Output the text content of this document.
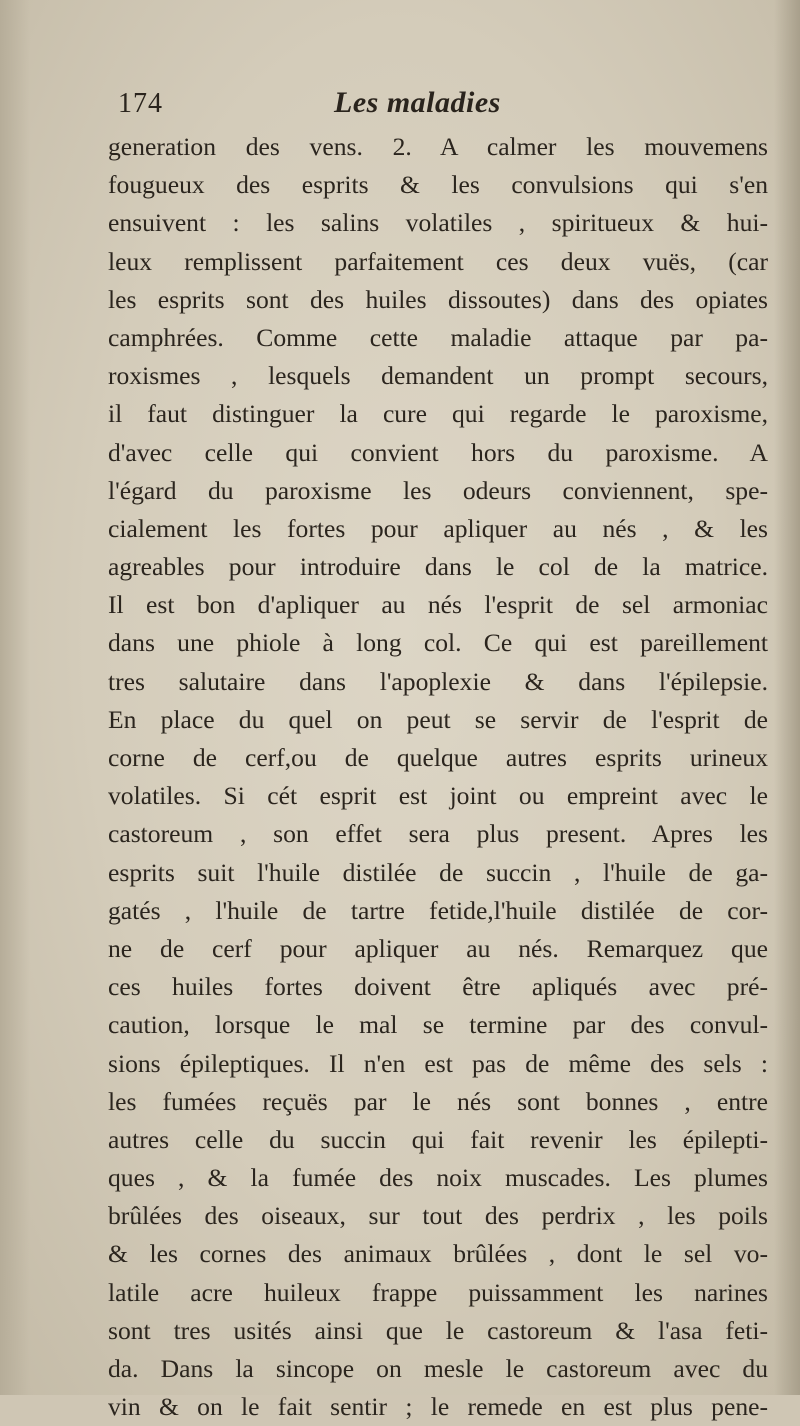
174	Les maladies
generation des vens. 2. A calmer les mouvemens
fougueux des esprits & les convulsions qui s'en
ensuivent : les salins volatiles , spiritueux & hui-
leux remplissent parfaitement ces deux vuës, (car
les esprits sont des huiles dissoutes) dans des opiates
camphrées. Comme cette maladie attaque par pa-
roxismes , lesquels demandent un prompt secours,
il faut distinguer la cure qui regarde le paroxisme,
d'avec celle qui convient hors du paroxisme. A
l'égard du paroxisme les odeurs conviennent, spe-
cialement les fortes pour apliquer au nés , & les
agreables pour introduire dans le col de la matrice.
Il est bon d'apliquer au nés l'esprit de sel armoniac
dans une phiole à long col. Ce qui est pareillement
tres salutaire dans l'apoplexie & dans l'épilepsie.
En place du quel on peut se servir de l'esprit de
corne de cerf,ou de quelque autres esprits urineux
volatiles. Si cét esprit est joint ou empreint avec le
castoreum , son effet sera plus present. Apres les
esprits suit l'huile distilée de succin , l'huile de ga-
gatés , l'huile de tartre fetide,l'huile distilée de cor-
ne de cerf pour apliquer au nés. Remarquez que
ces huiles fortes doivent être apliqués avec pré-
caution, lorsque le mal se termine par des convul-
sions épileptiques. Il n'en est pas de même des sels :
les fumées reçuës par le nés sont bonnes , entre
autres celle du succin qui fait revenir les épilepti-
ques , & la fumée des noix muscades. Les plumes
brûlées des oiseaux, sur tout des perdrix , les poils
& les cornes des animaux brûlées , dont le sel vo-
latile acre huileux frappe puissamment les narines
sont tres usités ainsi que le castoreum & l'asa feti-
da. Dans la sincope on mesle le castoreum avec du
vin & on le fait sentir ; le remede en est plus pene-
